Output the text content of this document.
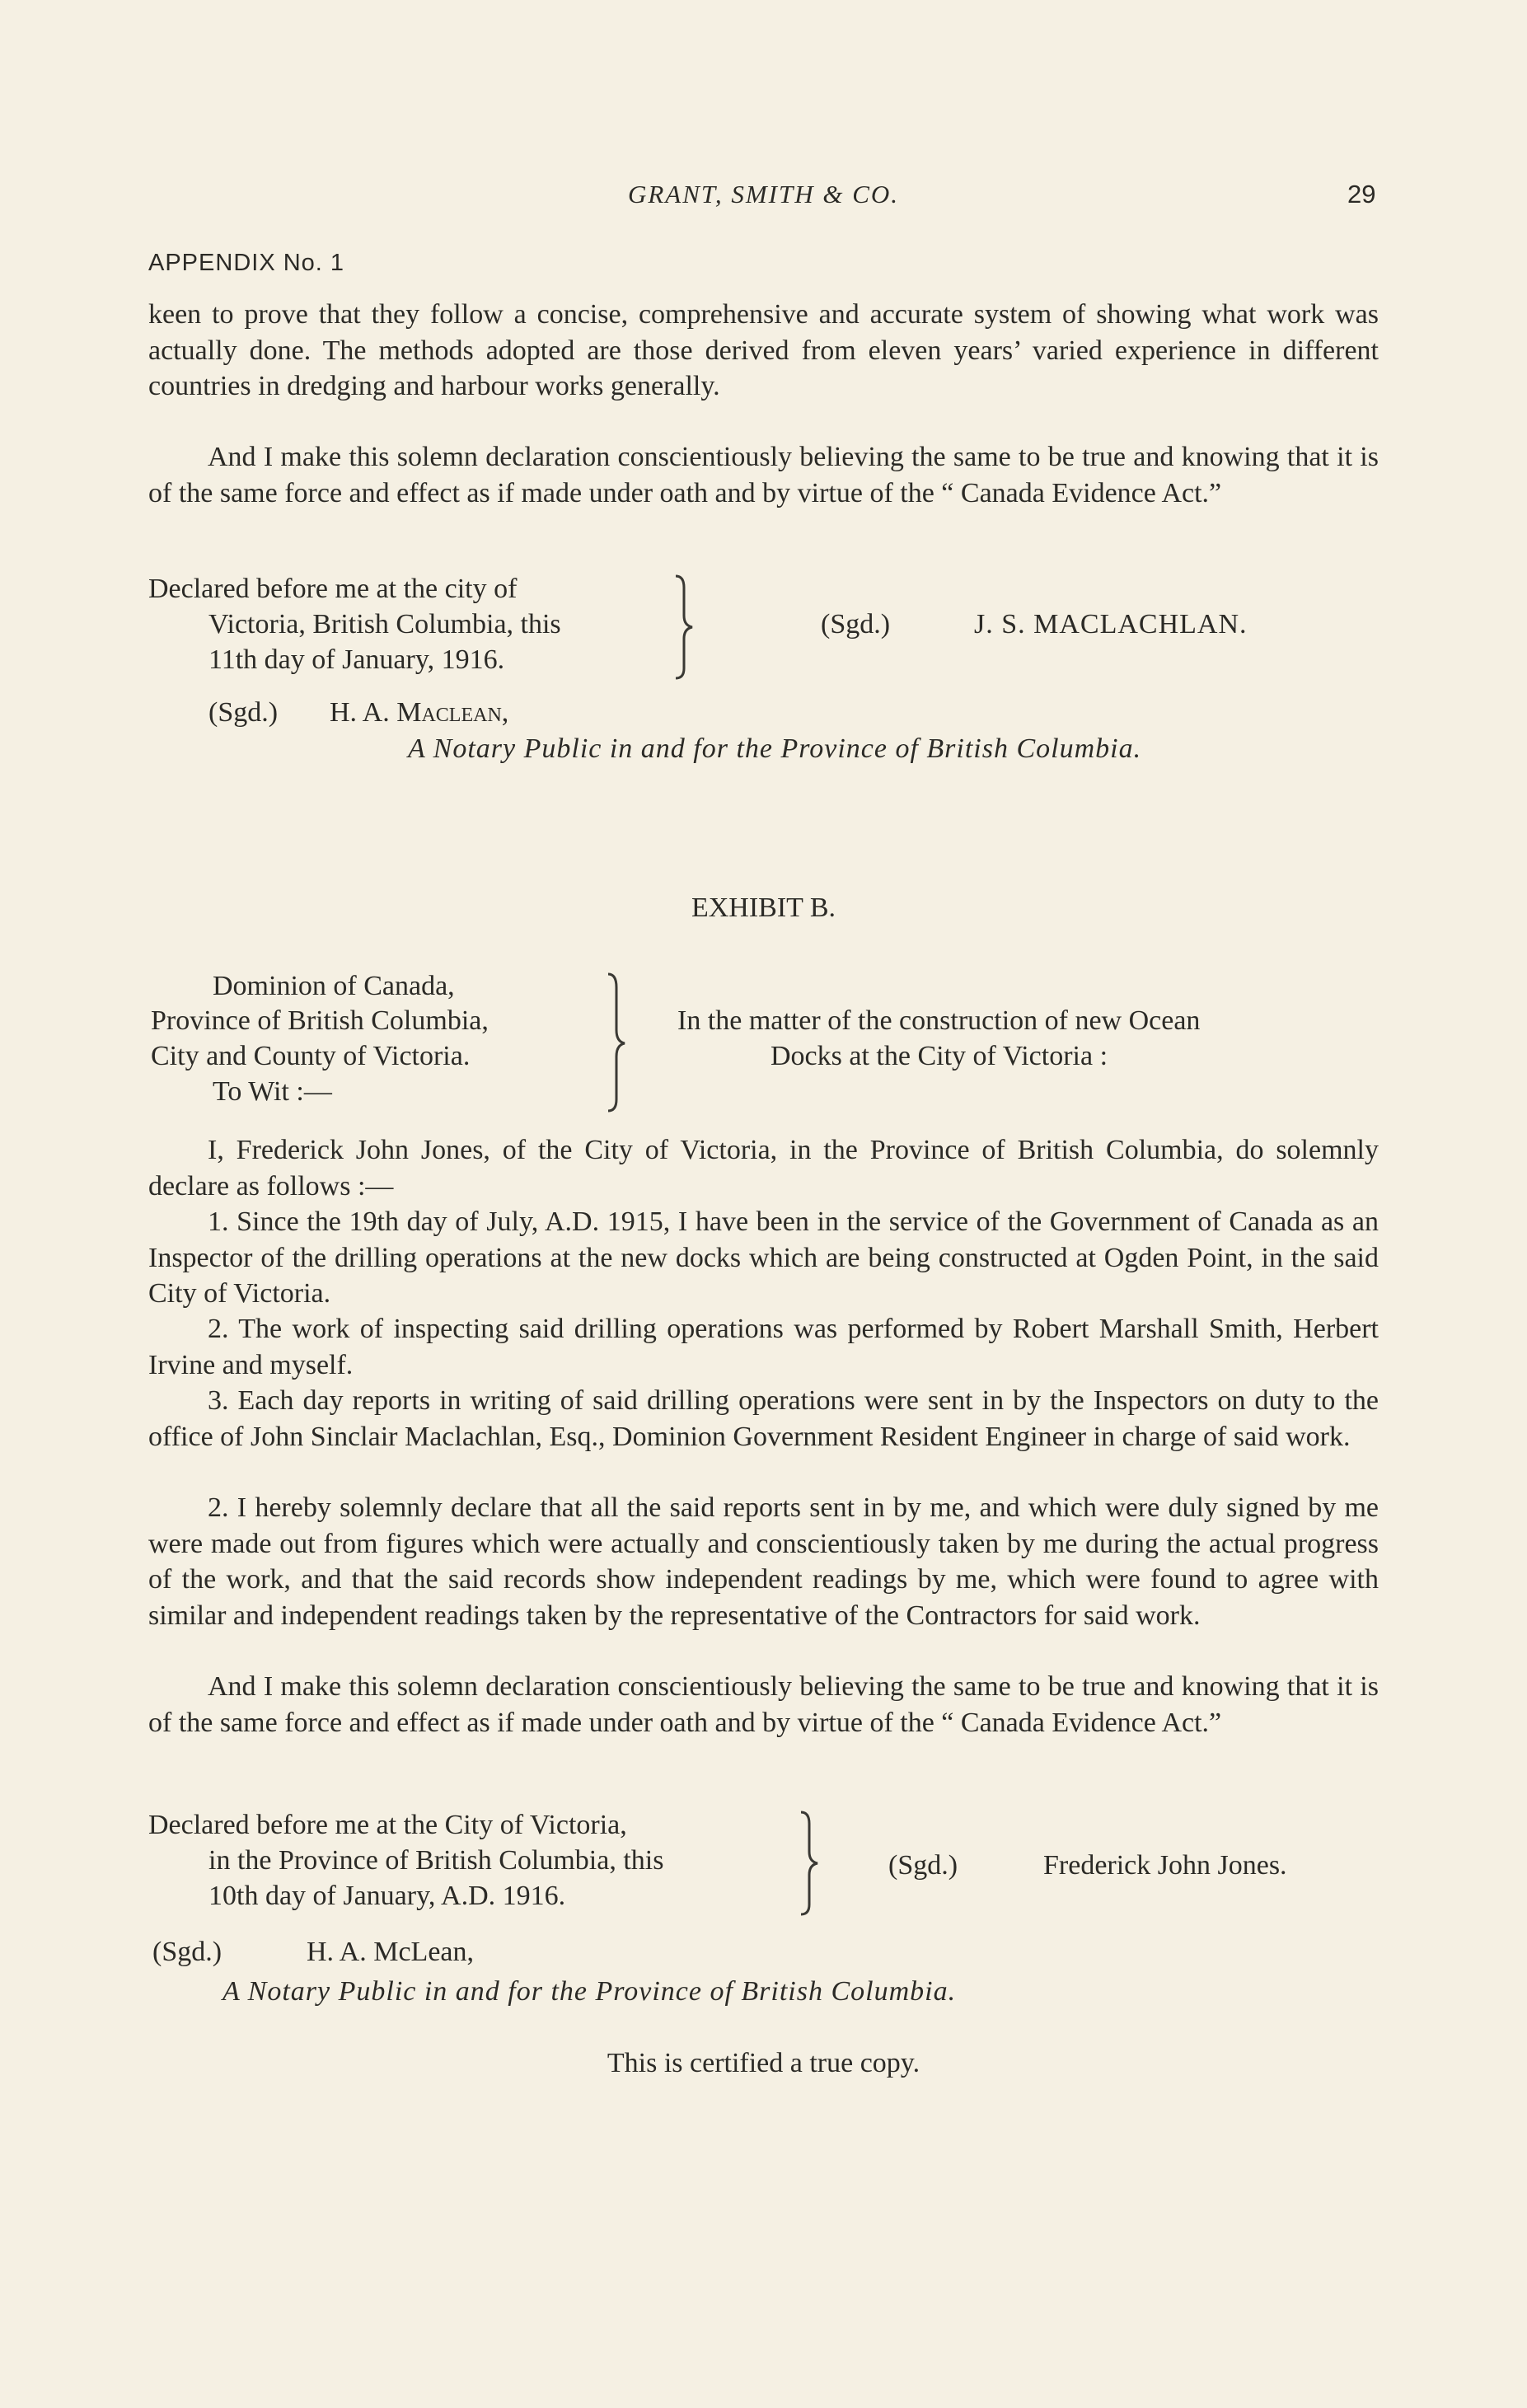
GRANT, SMITH & CO.	29
APPENDIX No. 1

keen to prove that they follow a concise, comprehensive and accurate system of showing what work was actually done. The methods adopted are those derived from eleven years’ varied experience in different countries in dredging and harbour works generally.

And I make this solemn declaration conscientiously believing the same to be true and knowing that it is of the same force and effect as if made under oath and by virtue of the “ Canada Evidence Act.”

Declared before me at the city of
Victoria, British Columbia, this
11th day of January, 1916.
(Sgd.)	J. S. MACLACHLAN.
(Sgd.) H. A. Maclean,
A Notary Public in and for the Province of British Columbia.
EXHIBIT B.
Dominion of Canada,
Province of British Columbia,
City and County of Victoria.
To Wit :—
In the matter of the construction of new Ocean
Docks at the City of Victoria :

I, Frederick John Jones, of the City of Victoria, in the Province of British Columbia, do solemnly declare as follows :—

1. Since the 19th day of July, A.D. 1915, I have been in the service of the Government of Canada as an Inspector of the drilling operations at the new docks which are being constructed at Ogden Point, in the said City of Victoria.

2. The work of inspecting said drilling operations was performed by Robert Marshall Smith, Herbert Irvine and myself.

3. Each day reports in writing of said drilling operations were sent in by the Inspectors on duty to the office of John Sinclair Maclachlan, Esq., Dominion Government Resident Engineer in charge of said work.

2. I hereby solemnly declare that all the said reports sent in by me, and which were duly signed by me were made out from figures which were actually and conscientiously taken by me during the actual progress of the work, and that the said records show independent readings by me, which were found to agree with similar and independent readings taken by the representative of the Contractors for said work.

And I make this solemn declaration conscientiously believing the same to be true and knowing that it is of the same force and effect as if made under oath and by virtue of the “ Canada Evidence Act.”

Declared before me at the City of Victoria,
in the Province of British Columbia, this
10th day of January, A.D. 1916.
(Sgd.)	Frederick John Jones.
(Sgd.)	H. A. McLean,
A Notary Public in and for the Province of British Columbia.
This is certified a true copy.
